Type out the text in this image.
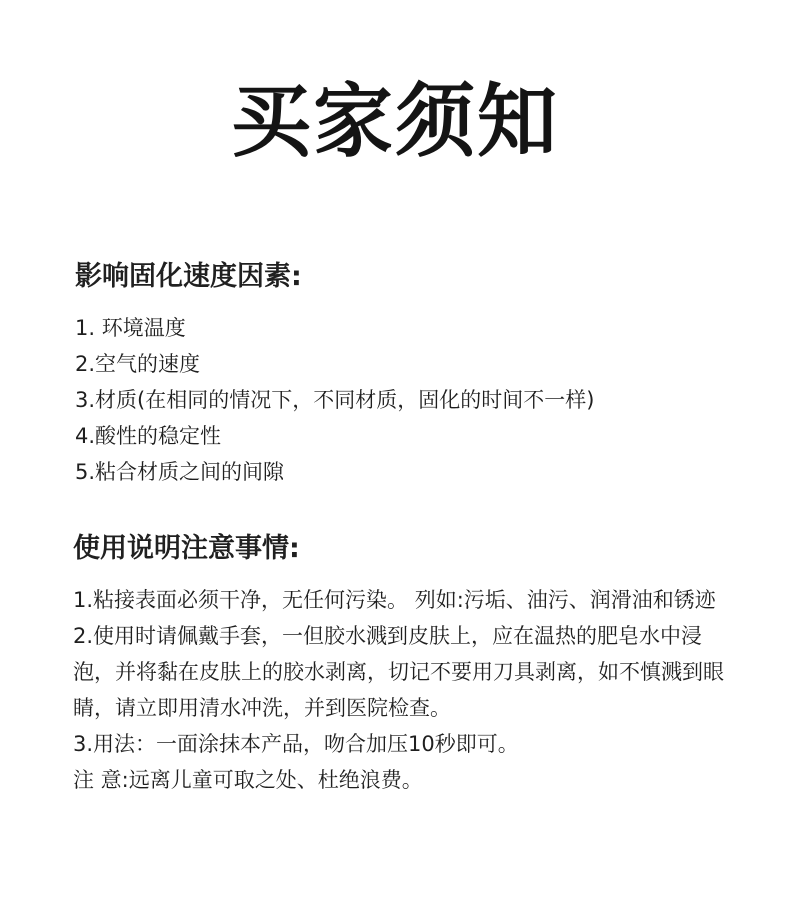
买家须知
影响固化速度因素:
1. 环境温度
2.空气的速度
3.材质(在相同的情况下，不同材质，固化的时间不一样)
4.酸性的稳定性
5.粘合材质之间的间隙
使用说明注意事情:
1.粘接表面必须干净，无任何污染。 列如:污垢、油污、润滑油和锈迹
2.使用时请佩戴手套，一但胶水溅到皮肤上，应在温热的肥皂水中浸泡，并将黏在皮肤上的胶水剥离，切记不要用刀具剥离，如不慎溅到眼睛，请立即用清水冲洗，并到医院检查。
3.用法：一面涂抹本产品，吻合加压10秒即可。
注 意:远离儿童可取之处、杜绝浪费。
